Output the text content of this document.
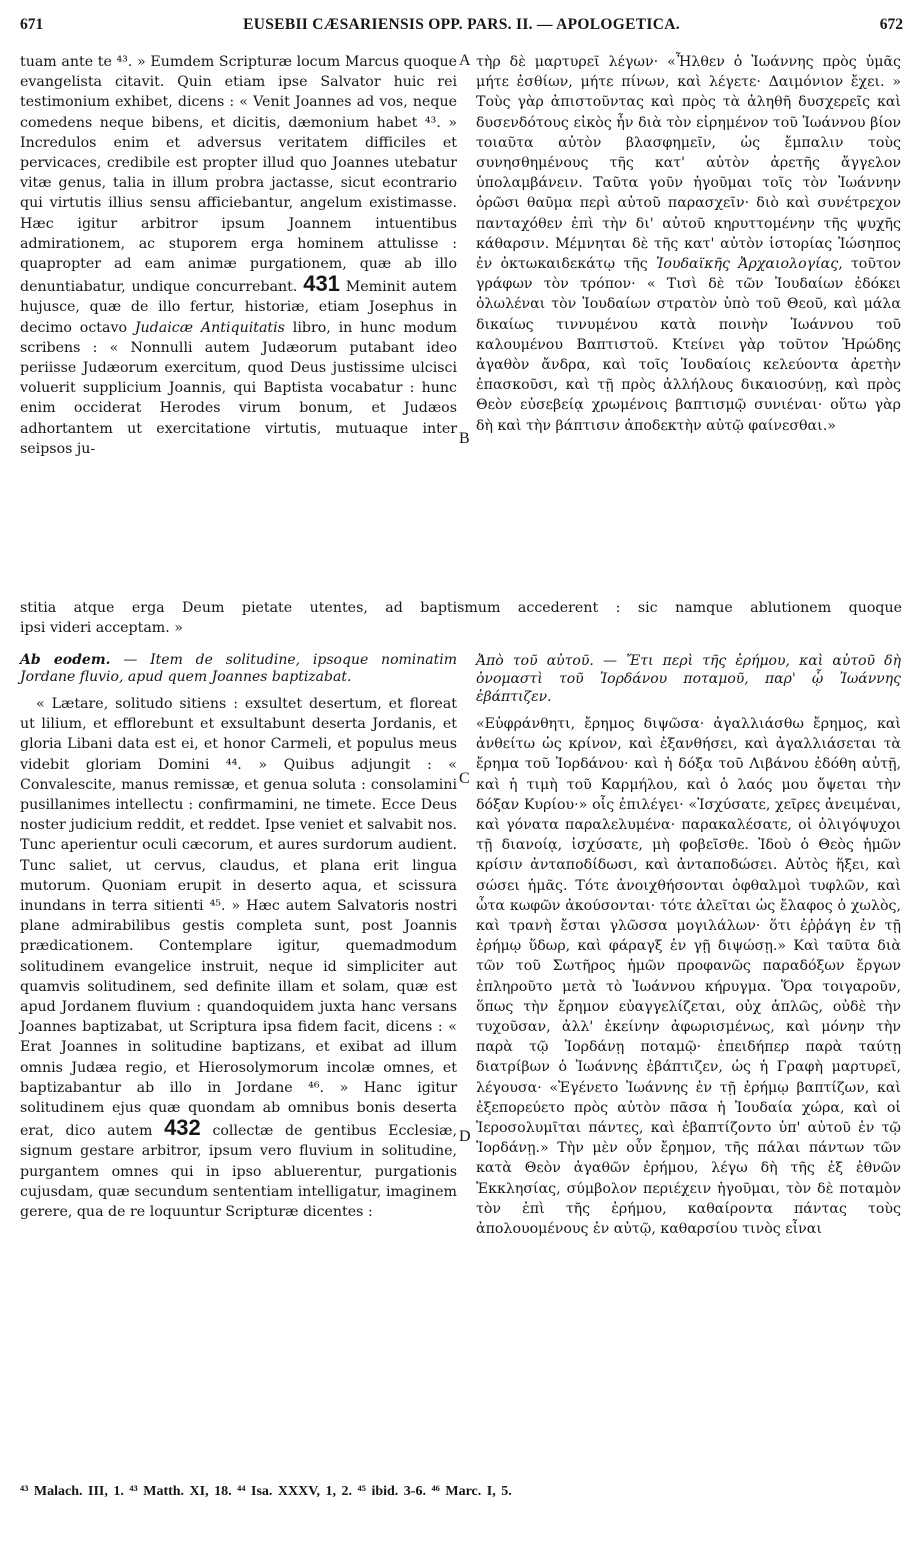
671	EUSEBII CÆSARIENSIS OPP. PARS. II. — APOLOGETICA.	672

tuam ante te ⁴³. » Eumdem Scripturæ locum Marcus quoque evangelista citavit. Quin etiam ipse Salvator huic rei testimonium exhibet, dicens : « Venit Joannes ad vos, neque comedens neque bibens, et dicitis, dæmonium habet ⁴³. » Incredulos enim et adversus veritatem difficiles et pervicaces, credibile est propter illud quo Joannes utebatur vitæ genus, talia in illum probra jactasse, sicut econtrario qui virtutis illius sensu afficiebantur, angelum existimasse. Hæc igitur arbitror ipsum Joannem intuentibus admirationem, ac stuporem erga hominem attulisse : quapropter ad eam animæ purgationem, quæ ab illo denuntiabatur, undique concurrebant. 431 Meminit autem hujusce, quæ de illo fertur, historiæ, etiam Josephus in decimo octavo Judaicæ Antiquitatis libro, in hunc modum scribens : « Nonnulli autem Judæorum putabant ideo periisse Judæorum exercitum, quod Deus justissime ulcisci voluerit supplicium Joannis, qui Baptista vocabatur : hunc enim occiderat Herodes virum bonum, et Judæos adhortantem ut exercitatione virtutis, mutuaque inter seipsos ju-

τὴρ δὲ μαρτυρεῖ λέγων· «Ἦλθεν ὁ Ἰωάννης πρὸς ὑμᾶς μήτε ἐσθίων, μήτε πίνων, καὶ λέγετε· Δαιμόνιον ἔχει. » Τοὺς γὰρ ἀπιστοῦντας καὶ πρὸς τὰ ἀληθῆ δυσχερεῖς καὶ δυσενδότους εἰκὸς ἦν διὰ τὸν εἰρημένον τοῦ Ἰωάννου βίον τοιαῦτα αὐτὸν βλασφημεῖν, ὡς ἔμπαλιν τοὺς συνησθημένους τῆς κατ' αὐτὸν ἀρετῆς ἄγγελον ὑπολαμβάνειν. Ταῦτα γοῦν ἡγοῦμαι τοῖς τὸν Ἰωάννην ὁρῶσι θαῦμα περὶ αὐτοῦ παρασχεῖν· διὸ καὶ συνέτρεχον πανταχόθεν ἐπὶ τὴν δι' αὐτοῦ κηρυττομένην τῆς ψυχῆς κάθαρσιν. Μέμνηται δὲ τῆς κατ' αὐτὸν ἱστορίας Ἰώσηπος ἐν ὀκτωκαιδεκάτῳ τῆς Ἰουδαϊκῆς Ἀρχαιολογίας, τοῦτον γράφων τὸν τρόπον· « Τισὶ δὲ τῶν Ἰουδαίων ἐδόκει ὀλωλέναι τὸν Ἰουδαίων στρατὸν ὑπὸ τοῦ Θεοῦ, καὶ μάλα δικαίως τιννυμένου κατὰ ποινὴν Ἰωάννου τοῦ καλουμένου Βαπτιστοῦ. Κτείνει γὰρ τοῦτον Ἡρώδης ἀγαθὸν ἄνδρα, καὶ τοῖς Ἰουδαίοις κελεύοντα ἀρετὴν ἐπασκοῦσι, καὶ τῇ πρὸς ἀλλήλους δικαιοσύνῃ, καὶ πρὸς Θεὸν εὐσεβείᾳ χρωμένοις βαπτισμῷ συνιέναι· οὕτω γὰρ δὴ καὶ τὴν βάπτισιν ἀποδεκτὴν αὐτῷ φαίνεσθαι.»

A
B
stitia atque erga Deum pietate utentes, ad baptismum accederent : sic namque ablutionem quoque
ipsi videri acceptam. »

Ab eodem. — Item de solitudine, ipsoque nominatim Jordane fluvio, apud quem Joannes baptizabat.

« Lætare, solitudo sitiens : exsultet desertum, et floreat ut lilium, et efflorebunt et exsultabunt deserta Jordanis, et gloria Libani data est ei, et honor Carmeli, et populus meus videbit gloriam Domini ⁴⁴. » Quibus adjungit : « Convalescite, manus remissæ, et genua soluta : consolamini pusillanimes intellectu : confirmamini, ne timete. Ecce Deus noster judicium reddit, et reddet. Ipse veniet et salvabit nos. Tunc aperientur oculi cæcorum, et aures surdorum audient. Tunc saliet, ut cervus, claudus, et plana erit lingua mutorum. Quoniam erupit in deserto aqua, et scissura inundans in terra sitienti ⁴⁵. » Hæc autem Salvatoris nostri plane admirabilibus gestis completa sunt, post Joannis prædicationem. Contemplare igitur, quemadmodum solitudinem evangelice instruit, neque id simpliciter aut quamvis solitudinem, sed definite illam et solam, quæ est apud Jordanem fluvium : quandoquidem juxta hanc versans Joannes baptizabat, ut Scriptura ipsa fidem facit, dicens : « Erat Joannes in solitudine baptizans, et exibat ad illum omnis Judæa regio, et Hierosolymorum incolæ omnes, et baptizabantur ab illo in Jordane ⁴⁶. » Hanc igitur solitudinem ejus quæ quondam ab omnibus bonis deserta erat, dico autem 432 collectæ de gentibus Ecclesiæ, signum gestare arbitror, ipsum vero fluvium in solitudine, purgantem omnes qui in ipso abluerentur, purgationis cujusdam, quæ secundum sententiam intelligatur, imaginem gerere, qua de re loquuntur Scripturæ dicentes :

Ἀπὸ τοῦ αὐτοῦ. — Ἔτι περὶ τῆς ἐρήμου, καὶ αὐτοῦ δὴ ὀνομαστὶ τοῦ Ἰορδάνου ποταμοῦ, παρ' ᾧ Ἰωάννης ἐβάπτιζεν.

«Εὐφράνθητι, ἔρημος διψῶσα· ἀγαλλιάσθω ἔρημος, καὶ ἀνθείτω ὡς κρίνον, καὶ ἐξανθήσει, καὶ ἀγαλλιάσεται τὰ ἔρημα τοῦ Ἰορδάνου· καὶ ἡ δόξα τοῦ Λιβάνου ἐδόθη αὐτῇ, καὶ ἡ τιμὴ τοῦ Καρμήλου, καὶ ὁ λαός μου ὄψεται τὴν δόξαν Κυρίου·» οἷς ἐπιλέγει· «Ἰσχύσατε, χεῖρες ἀνειμέναι, καὶ γόνατα παραλελυμένα· παρακαλέσατε, οἱ ὀλιγόψυχοι τῇ διανοίᾳ, ἰσχύσατε, μὴ φοβεῖσθε. Ἰδοὺ ὁ Θεὸς ἡμῶν κρίσιν ἀνταποδίδωσι, καὶ ἀνταποδώσει. Αὐτὸς ἥξει, καὶ σώσει ἡμᾶς. Τότε ἀνοιχθήσονται ὀφθαλμοὶ τυφλῶν, καὶ ὦτα κωφῶν ἀκούσονται· τότε ἁλεῖται ὡς ἔλαφος ὁ χωλὸς, καὶ τρανὴ ἔσται γλῶσσα μογιλάλων· ὅτι ἐῤῥάγη ἐν τῇ ἐρήμῳ ὕδωρ, καὶ φάραγξ ἐν γῇ διψώσῃ.» Καὶ ταῦτα διὰ τῶν τοῦ Σωτῆρος ἡμῶν προφανῶς παραδόξων ἔργων ἐπληροῦτο μετὰ τὸ Ἰωάννου κήρυγμα. Ὅρα τοιγαροῦν, ὅπως τὴν ἔρημον εὐαγγελίζεται, οὐχ ἁπλῶς, οὐδὲ τὴν τυχοῦσαν, ἀλλ' ἐκείνην ἀφωρισμένως, καὶ μόνην τὴν παρὰ τῷ Ἰορδάνῃ ποταμῷ· ἐπειδήπερ παρὰ ταύτῃ διατρίβων ὁ Ἰωάννης ἐβάπτιζεν, ὡς ἡ Γραφὴ μαρτυρεῖ, λέγουσα· «Ἐγένετο Ἰωάννης ἐν τῇ ἐρήμῳ βαπτίζων, καὶ ἐξεπορεύετο πρὸς αὐτὸν πᾶσα ἡ Ἰουδαία χώρα, καὶ οἱ Ἱεροσολυμῖται πάντες, καὶ ἐβαπτίζοντο ὑπ' αὐτοῦ ἐν τῷ Ἰορδάνῃ.» Τὴν μὲν οὖν ἔρημον, τῆς πάλαι πάντων τῶν κατὰ Θεὸν ἀγαθῶν ἐρήμου, λέγω δὴ τῆς ἐξ ἐθνῶν Ἐκκλησίας, σύμβολον περιέχειν ἡγοῦμαι, τὸν δὲ ποταμὸν τὸν ἐπὶ τῆς ἐρήμου, καθαίροντα πάντας τοὺς ἀπολουομένους ἐν αὐτῷ, καθαρσίου τινὸς εἶναι

C
D
⁴³ Malach. III, 1. ⁴³ Matth. XI, 18. ⁴⁴ Isa. XXXV, 1, 2. ⁴⁵ ibid. 3-6. ⁴⁶ Marc. I, 5.
